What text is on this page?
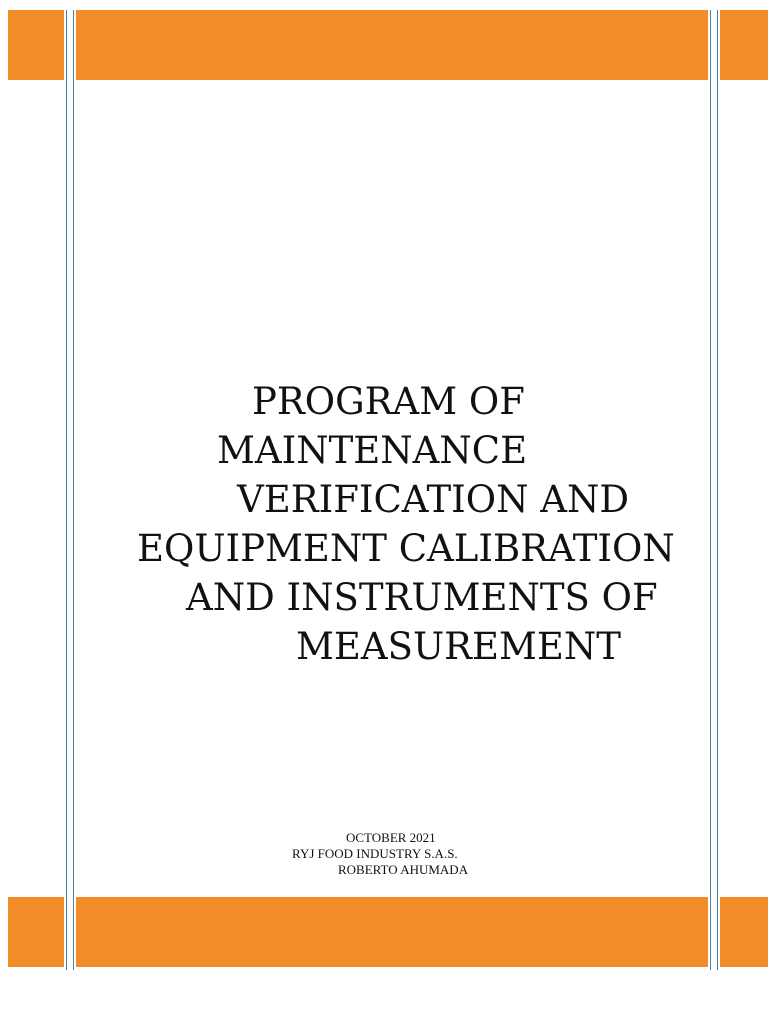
PROGRAM OF

MAINTENANCE

VERIFICATION AND

EQUIPMENT CALIBRATION

AND INSTRUMENTS OF

MEASUREMENT

OCTOBER 2021
RYJ FOOD INDUSTRY S.A.S.
ROBERTO AHUMADA
